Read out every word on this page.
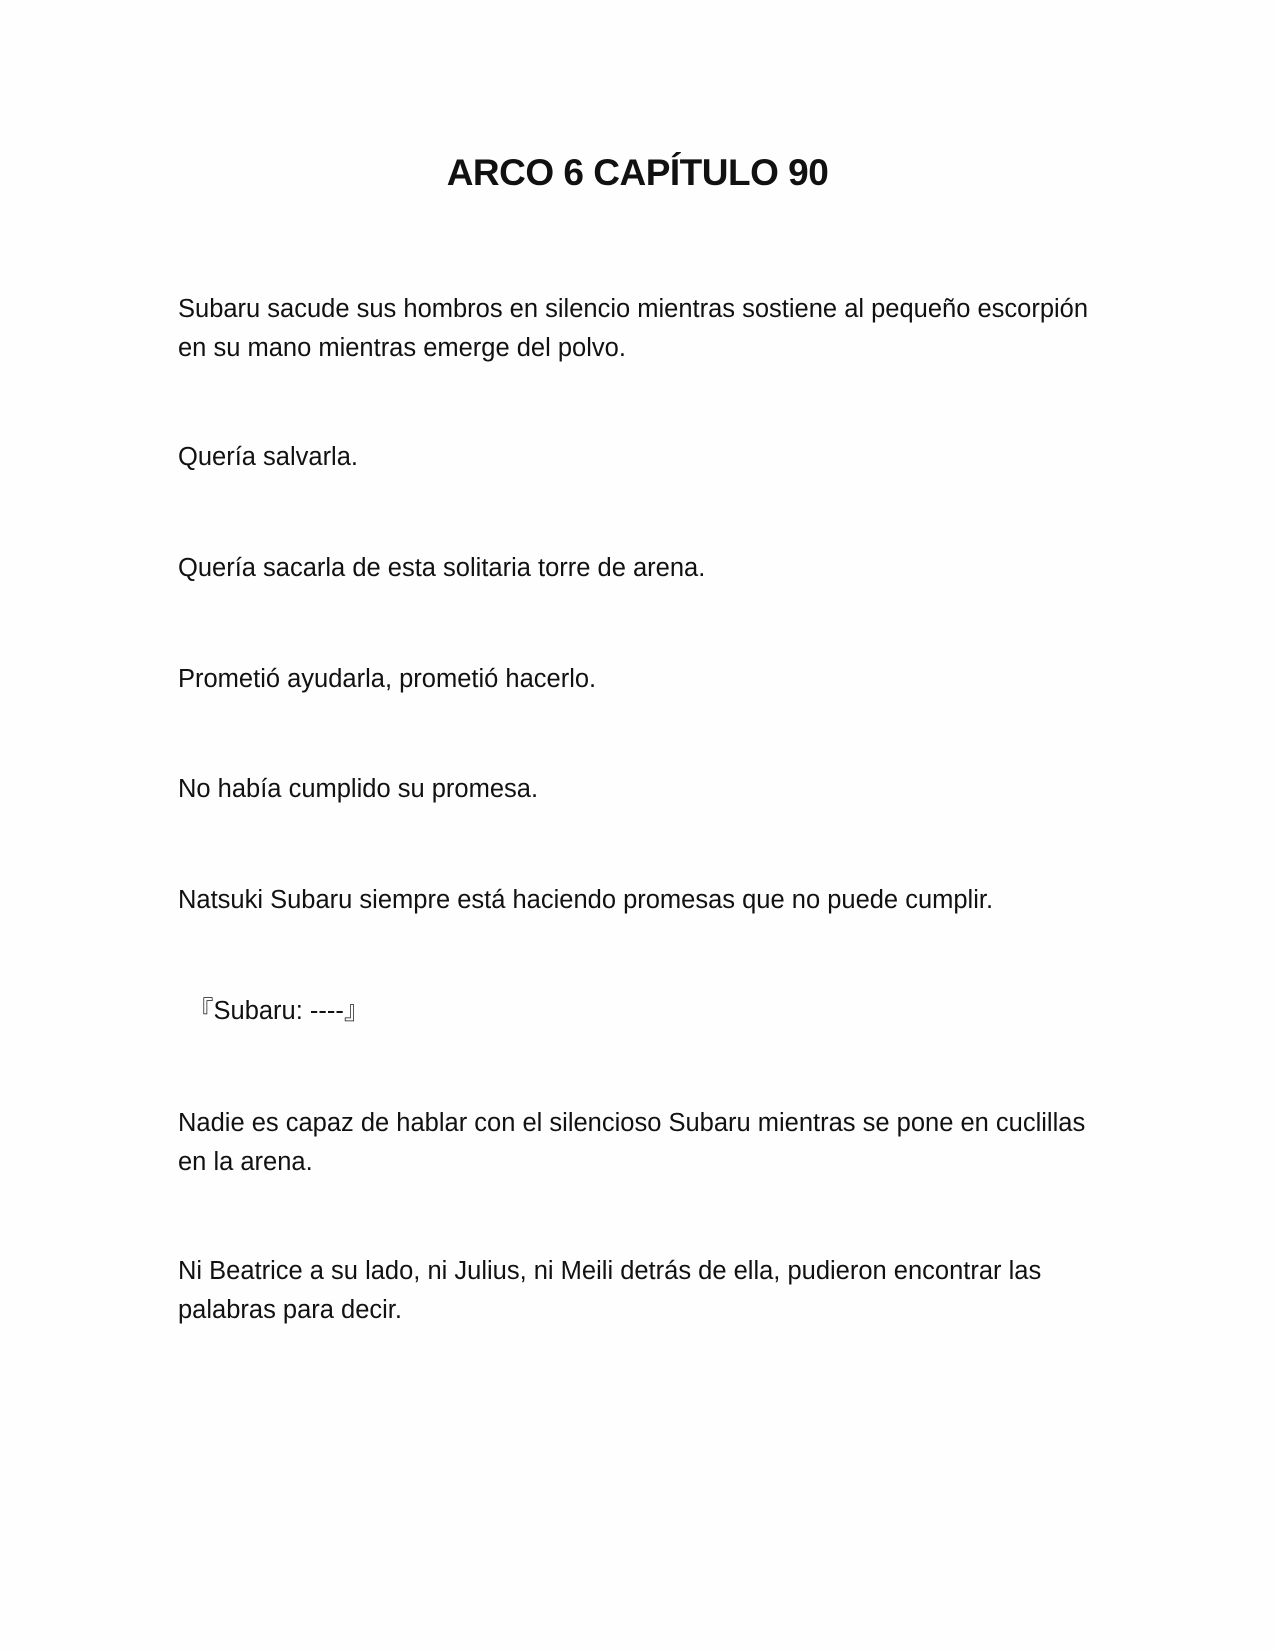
ARCO 6 CAPÍTULO 90

Subaru sacude sus hombros en silencio mientras sostiene al pequeño escorpión en su mano mientras emerge del polvo.

Quería salvarla.

Quería sacarla de esta solitaria torre de arena.

Prometió ayudarla, prometió hacerlo.

No había cumplido su promesa.

Natsuki Subaru siempre está haciendo promesas que no puede cumplir.

『Subaru: ----』

Nadie es capaz de hablar con el silencioso Subaru mientras se pone en cuclillas en la arena.

Ni Beatrice a su lado, ni Julius, ni Meili detrás de ella, pudieron encontrar las palabras para decir.
